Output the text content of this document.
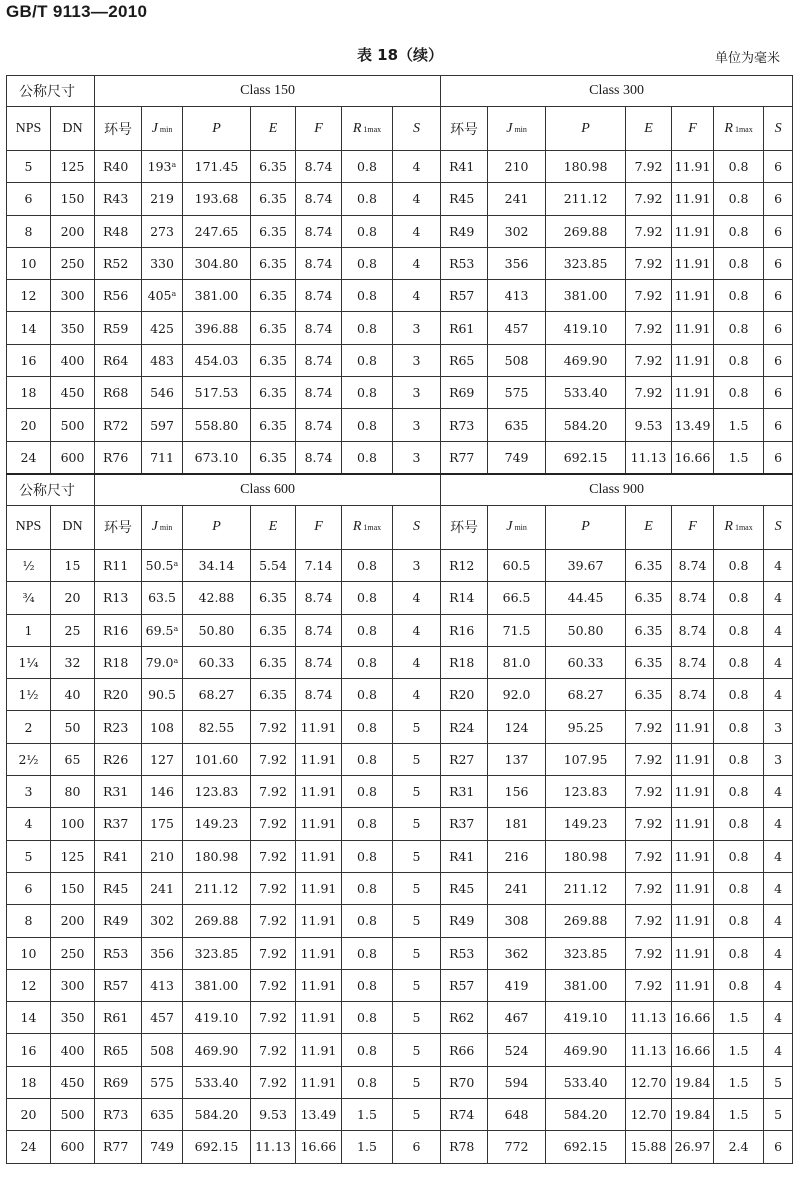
GB/T 9113—2010
表 18（续）	单位为毫米
公称尺寸		Class 150							Class 300						
NPS	DN	环号	J min	P	E	F	R 1max	S	环号	J min	P	E	F	R 1max	S
5	125	R40	193ᵃ	171.45	6.35	8.74	0.8	4	R41	210	180.98	7.92	11.91	0.8	6
6	150	R43	219	193.68	6.35	8.74	0.8	4	R45	241	211.12	7.92	11.91	0.8	6
8	200	R48	273	247.65	6.35	8.74	0.8	4	R49	302	269.88	7.92	11.91	0.8	6
10	250	R52	330	304.80	6.35	8.74	0.8	4	R53	356	323.85	7.92	11.91	0.8	6
12	300	R56	405ᵃ	381.00	6.35	8.74	0.8	4	R57	413	381.00	7.92	11.91	0.8	6
14	350	R59	425	396.88	6.35	8.74	0.8	3	R61	457	419.10	7.92	11.91	0.8	6
16	400	R64	483	454.03	6.35	8.74	0.8	3	R65	508	469.90	7.92	11.91	0.8	6
18	450	R68	546	517.53	6.35	8.74	0.8	3	R69	575	533.40	7.92	11.91	0.8	6
20	500	R72	597	558.80	6.35	8.74	0.8	3	R73	635	584.20	9.53	13.49	1.5	6
24	600	R76	711	673.10	6.35	8.74	0.8	3	R77	749	692.15	11.13	16.66	1.5	6
公称尺寸		Class 600							Class 900						
NPS	DN	环号	J min	P	E	F	R 1max	S	环号	J min	P	E	F	R 1max	S
½	15	R11	50.5ᵃ	34.14	5.54	7.14	0.8	3	R12	60.5	39.67	6.35	8.74	0.8	4
¾	20	R13	63.5	42.88	6.35	8.74	0.8	4	R14	66.5	44.45	6.35	8.74	0.8	4
1	25	R16	69.5ᵃ	50.80	6.35	8.74	0.8	4	R16	71.5	50.80	6.35	8.74	0.8	4
1¼	32	R18	79.0ᵃ	60.33	6.35	8.74	0.8	4	R18	81.0	60.33	6.35	8.74	0.8	4
1½	40	R20	90.5	68.27	6.35	8.74	0.8	4	R20	92.0	68.27	6.35	8.74	0.8	4
2	50	R23	108	82.55	7.92	11.91	0.8	5	R24	124	95.25	7.92	11.91	0.8	3
2½	65	R26	127	101.60	7.92	11.91	0.8	5	R27	137	107.95	7.92	11.91	0.8	3
3	80	R31	146	123.83	7.92	11.91	0.8	5	R31	156	123.83	7.92	11.91	0.8	4
4	100	R37	175	149.23	7.92	11.91	0.8	5	R37	181	149.23	7.92	11.91	0.8	4
5	125	R41	210	180.98	7.92	11.91	0.8	5	R41	216	180.98	7.92	11.91	0.8	4
6	150	R45	241	211.12	7.92	11.91	0.8	5	R45	241	211.12	7.92	11.91	0.8	4
8	200	R49	302	269.88	7.92	11.91	0.8	5	R49	308	269.88	7.92	11.91	0.8	4
10	250	R53	356	323.85	7.92	11.91	0.8	5	R53	362	323.85	7.92	11.91	0.8	4
12	300	R57	413	381.00	7.92	11.91	0.8	5	R57	419	381.00	7.92	11.91	0.8	4
14	350	R61	457	419.10	7.92	11.91	0.8	5	R62	467	419.10	11.13	16.66	1.5	4
16	400	R65	508	469.90	7.92	11.91	0.8	5	R66	524	469.90	11.13	16.66	1.5	4
18	450	R69	575	533.40	7.92	11.91	0.8	5	R70	594	533.40	12.70	19.84	1.5	5
20	500	R73	635	584.20	9.53	13.49	1.5	5	R74	648	584.20	12.70	19.84	1.5	5
24	600	R77	749	692.15	11.13	16.66	1.5	6	R78	772	692.15	15.88	26.97	2.4	6
